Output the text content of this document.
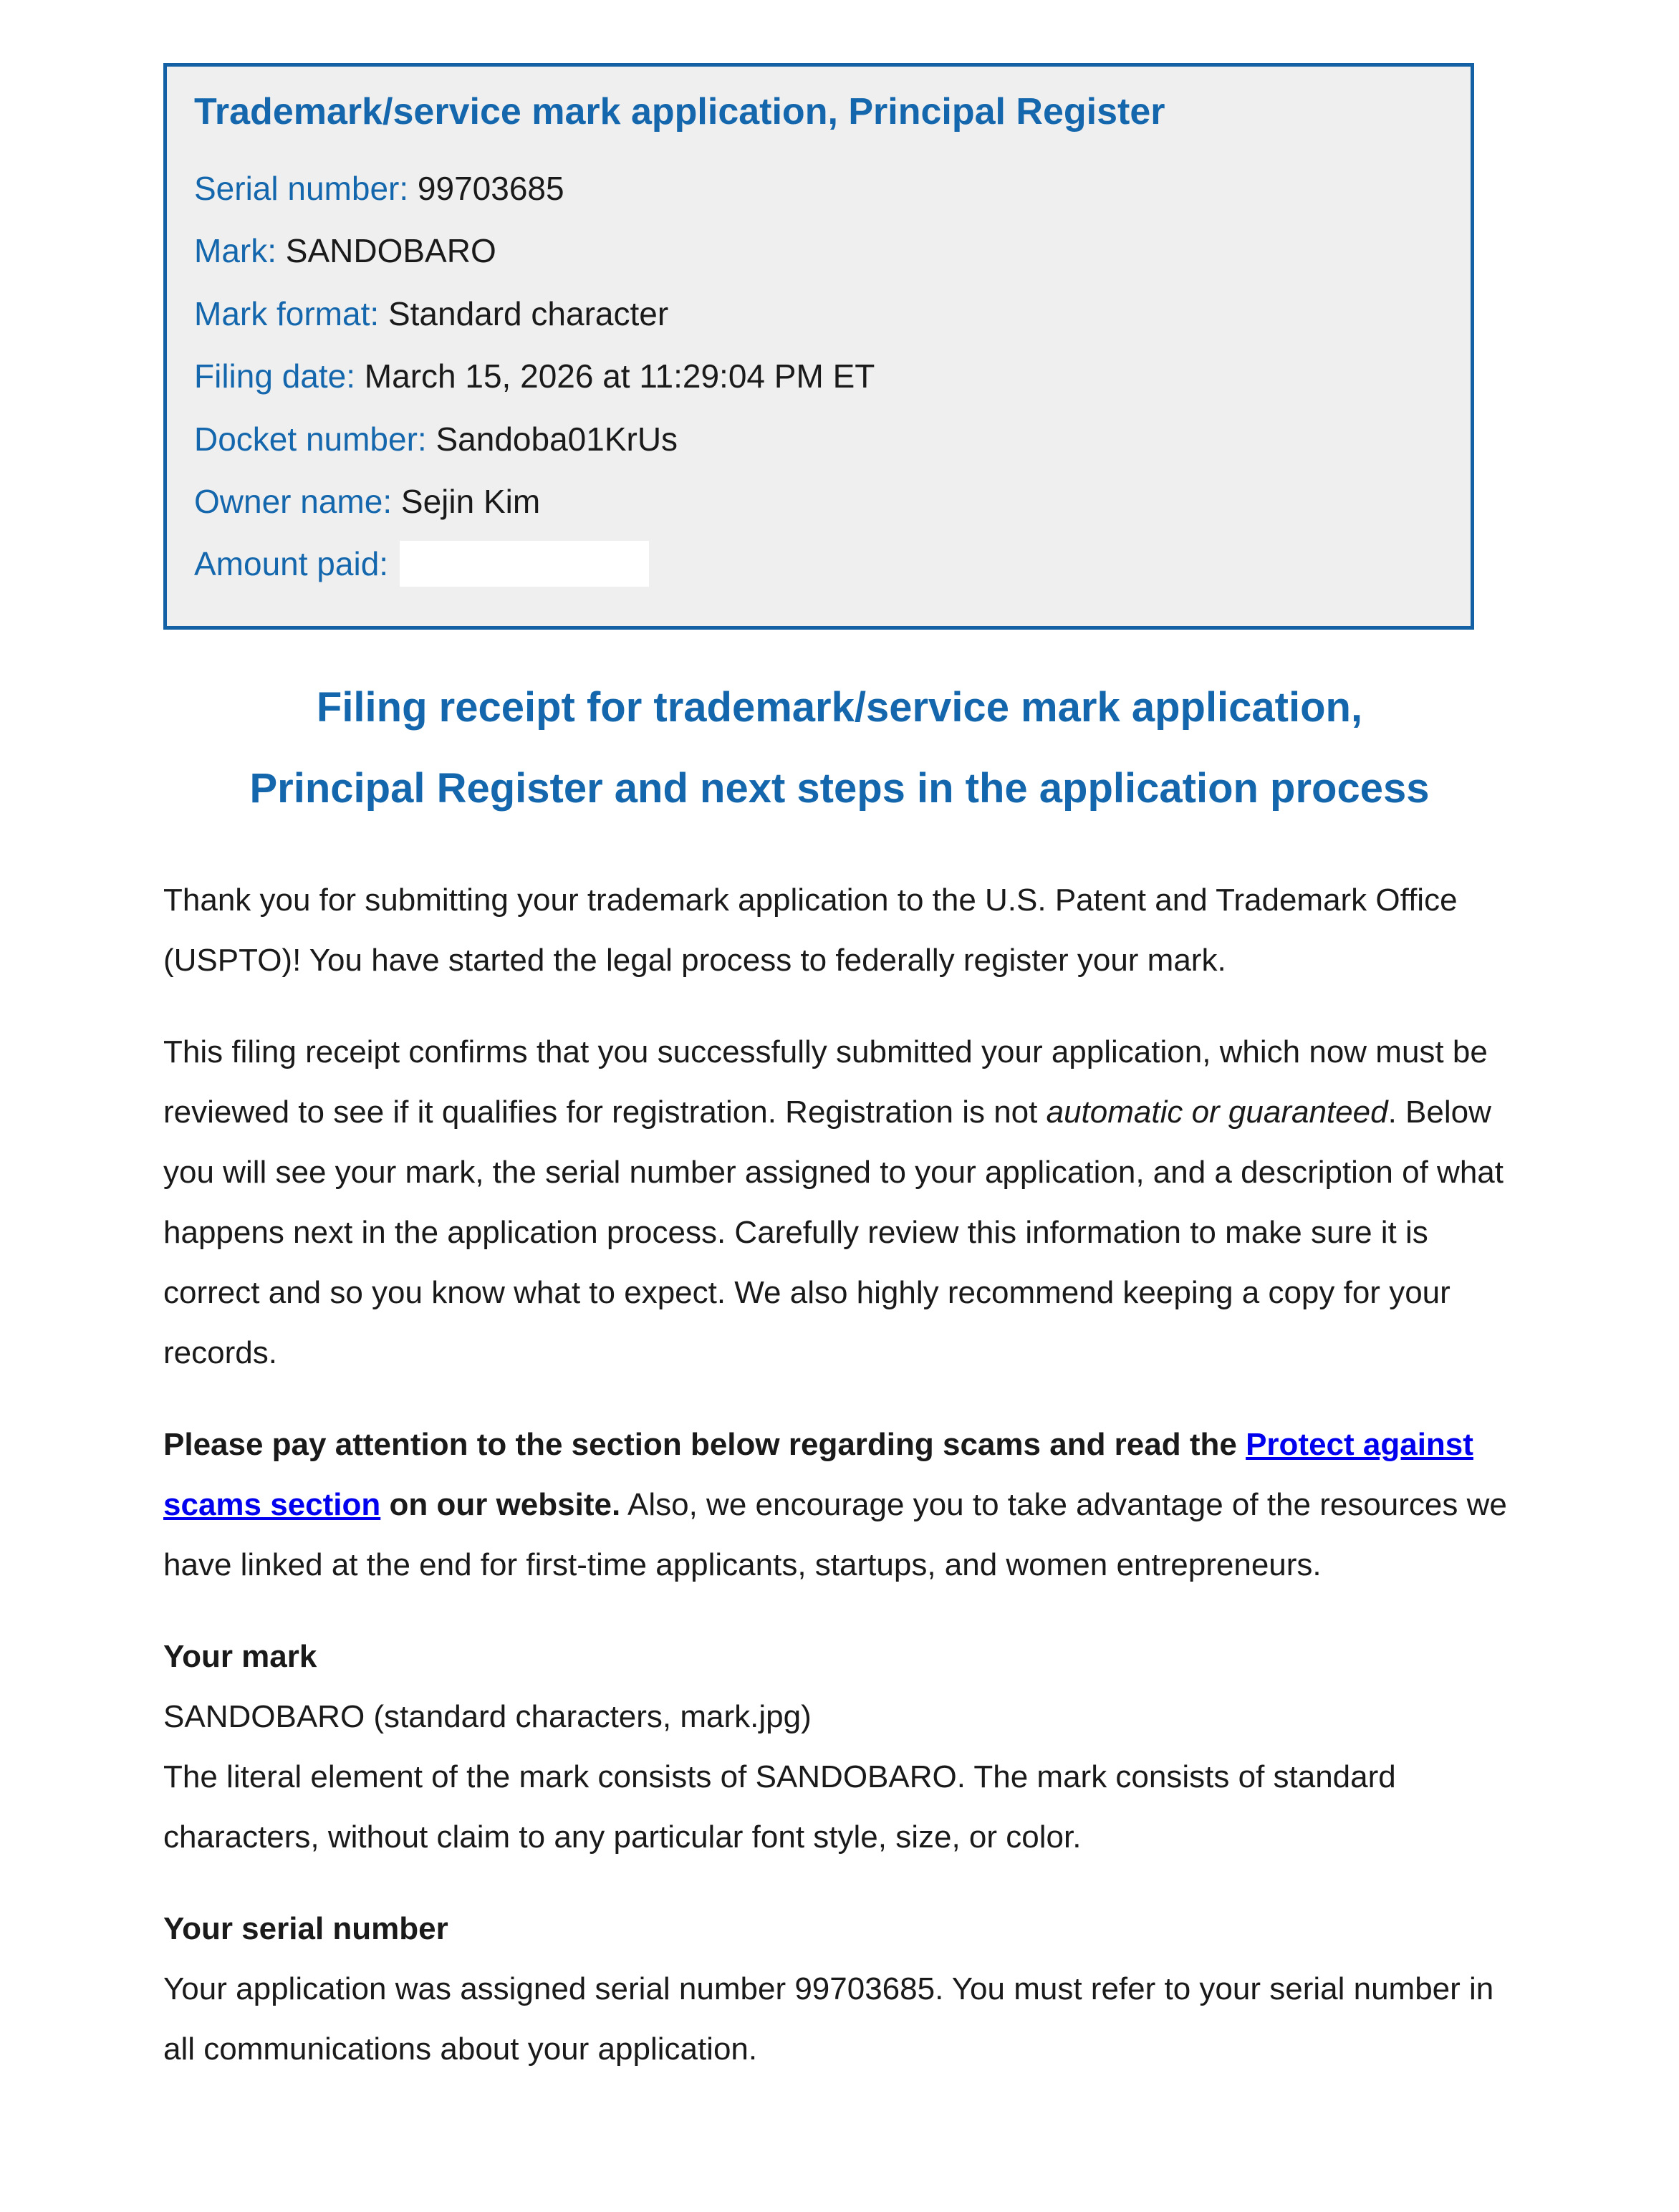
Trademark/service mark application, Principal Register
Serial number: 99703685
Mark: SANDOBARO
Mark format: Standard character
Filing date: March 15, 2026 at 11:29:04 PM ET
Docket number: Sandoba01KrUs
Owner name: Sejin Kim
Amount paid:
Filing receipt for trademark/service mark application,
Principal Register and next steps in the application process
Thank you for submitting your trademark application to the U.S. Patent and Trademark Office (USPTO)! You have started the legal process to federally register your mark.
This filing receipt confirms that you successfully submitted your application, which now must be reviewed to see if it qualifies for registration. Registration is not automatic or guaranteed. Below you will see your mark, the serial number assigned to your application, and a description of what happens next in the application process. Carefully review this information to make sure it is correct and so you know what to expect. We also highly recommend keeping a copy for your records.
Please pay attention to the section below regarding scams and read the Protect against scams section on our website. Also, we encourage you to take advantage of the resources we have linked at the end for first-time applicants, startups, and women entrepreneurs.
Your mark
SANDOBARO (standard characters, mark.jpg)
The literal element of the mark consists of SANDOBARO. The mark consists of standard characters, without claim to any particular font style, size, or color.
Your serial number
Your application was assigned serial number 99703685. You must refer to your serial number in all communications about your application.
